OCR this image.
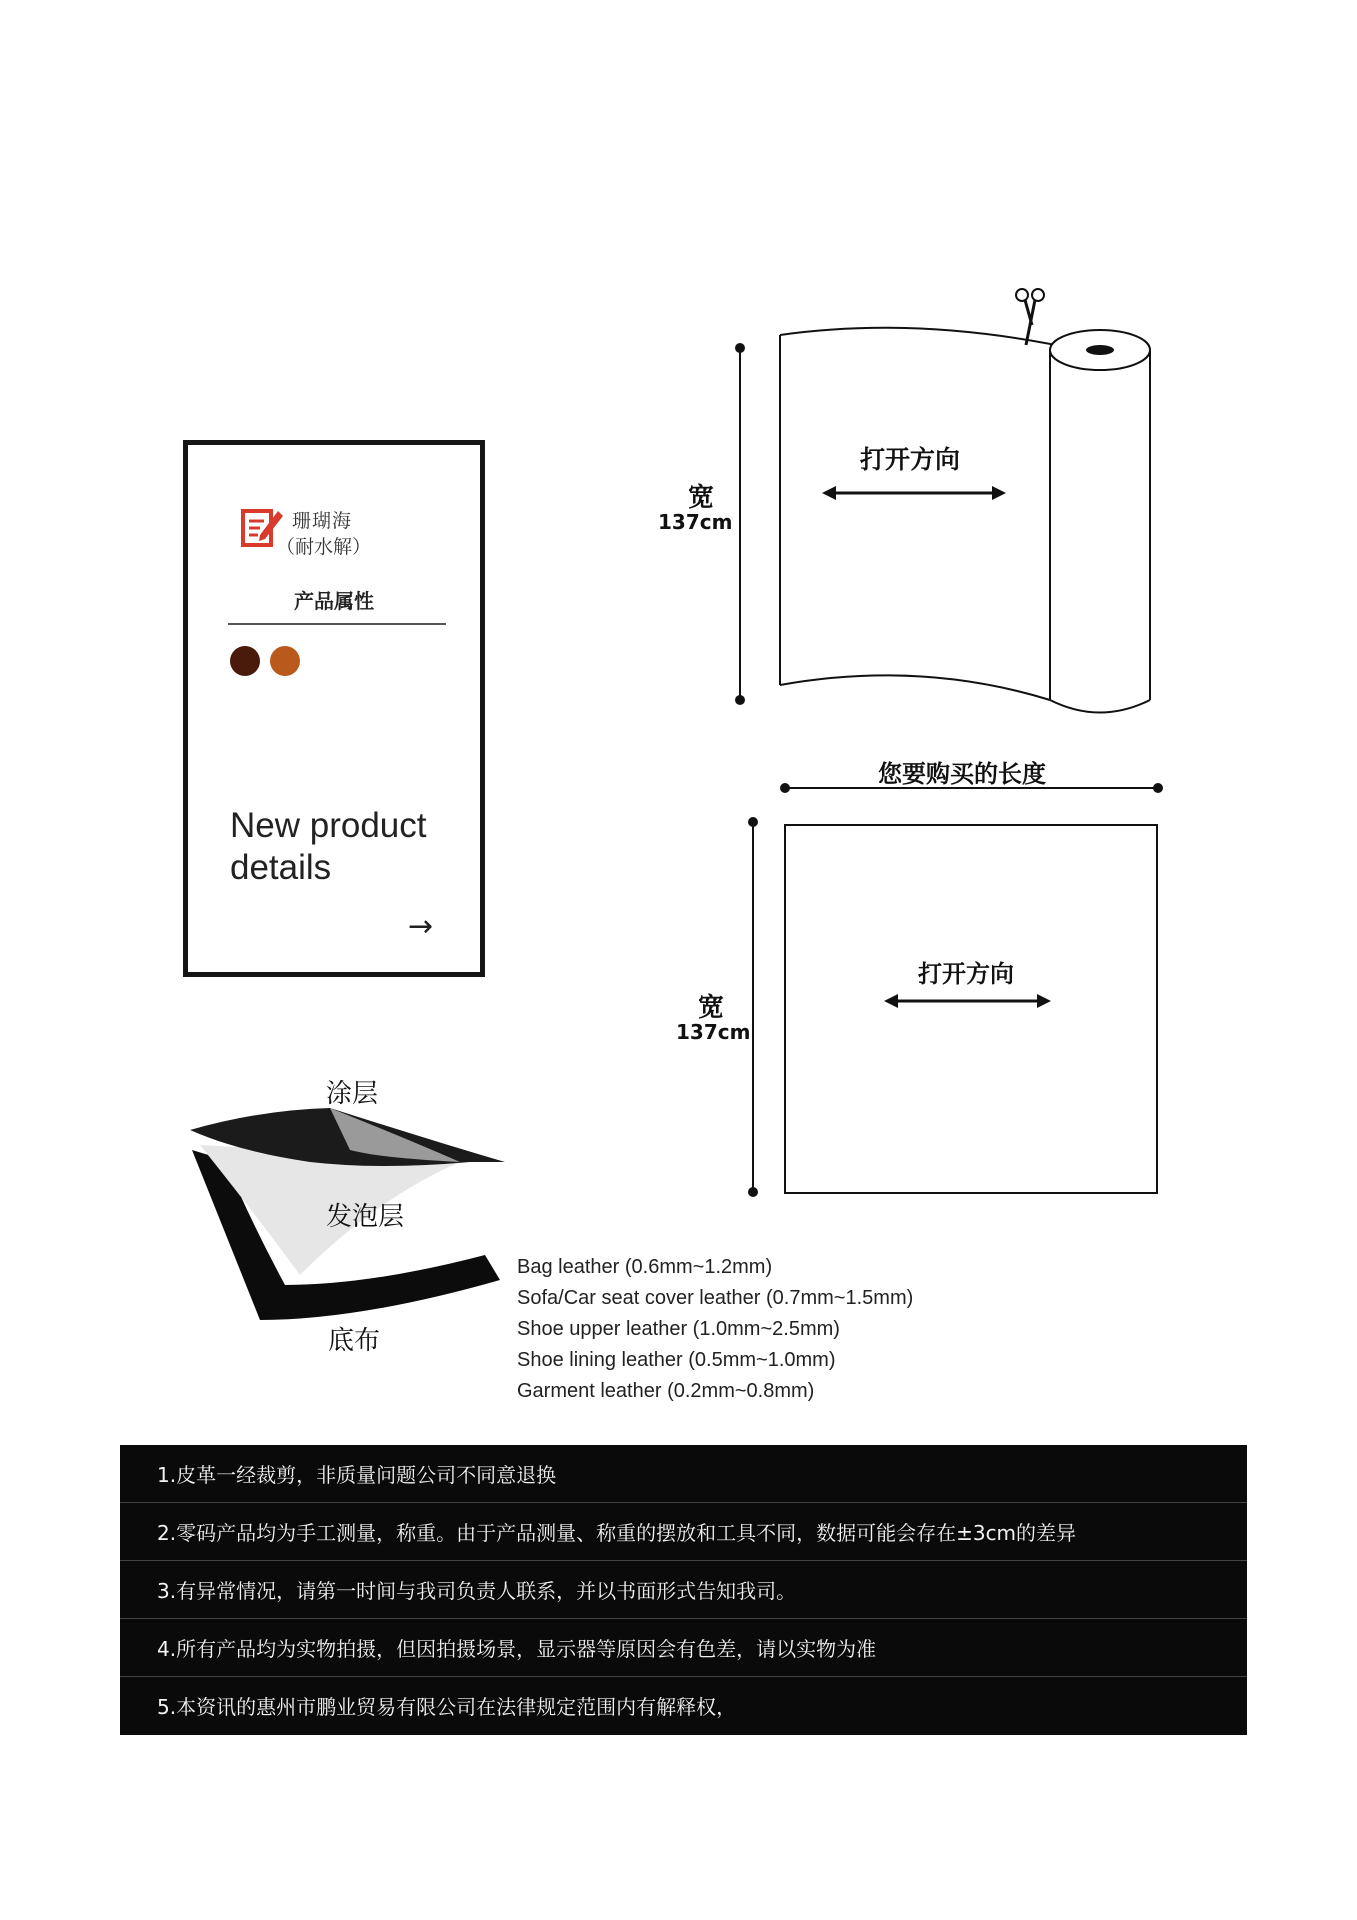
珊瑚海
（耐水解）
产品属性
New product details
→
打开方向
宽
137cm
您要购买的长度
打开方向
宽
137cm
涂层
发泡层
底布
Bag leather (0.6mm~1.2mm)
Sofa/Car seat cover leather (0.7mm~1.5mm)
Shoe upper leather (1.0mm~2.5mm)
Shoe lining leather (0.5mm~1.0mm)
Garment leather (0.2mm~0.8mm)
1.皮革一经裁剪，非质量问题公司不同意退换
2.零码产品均为手工测量，称重。由于产品测量、称重的摆放和工具不同，数据可能会存在±3cm的差异
3.有异常情况，请第一时间与我司负责人联系，并以书面形式告知我司。
4.所有产品均为实物拍摄，但因拍摄场景，显示器等原因会有色差，请以实物为准
5.本资讯的惠州市鹏业贸易有限公司在法律规定范围内有解释权，
